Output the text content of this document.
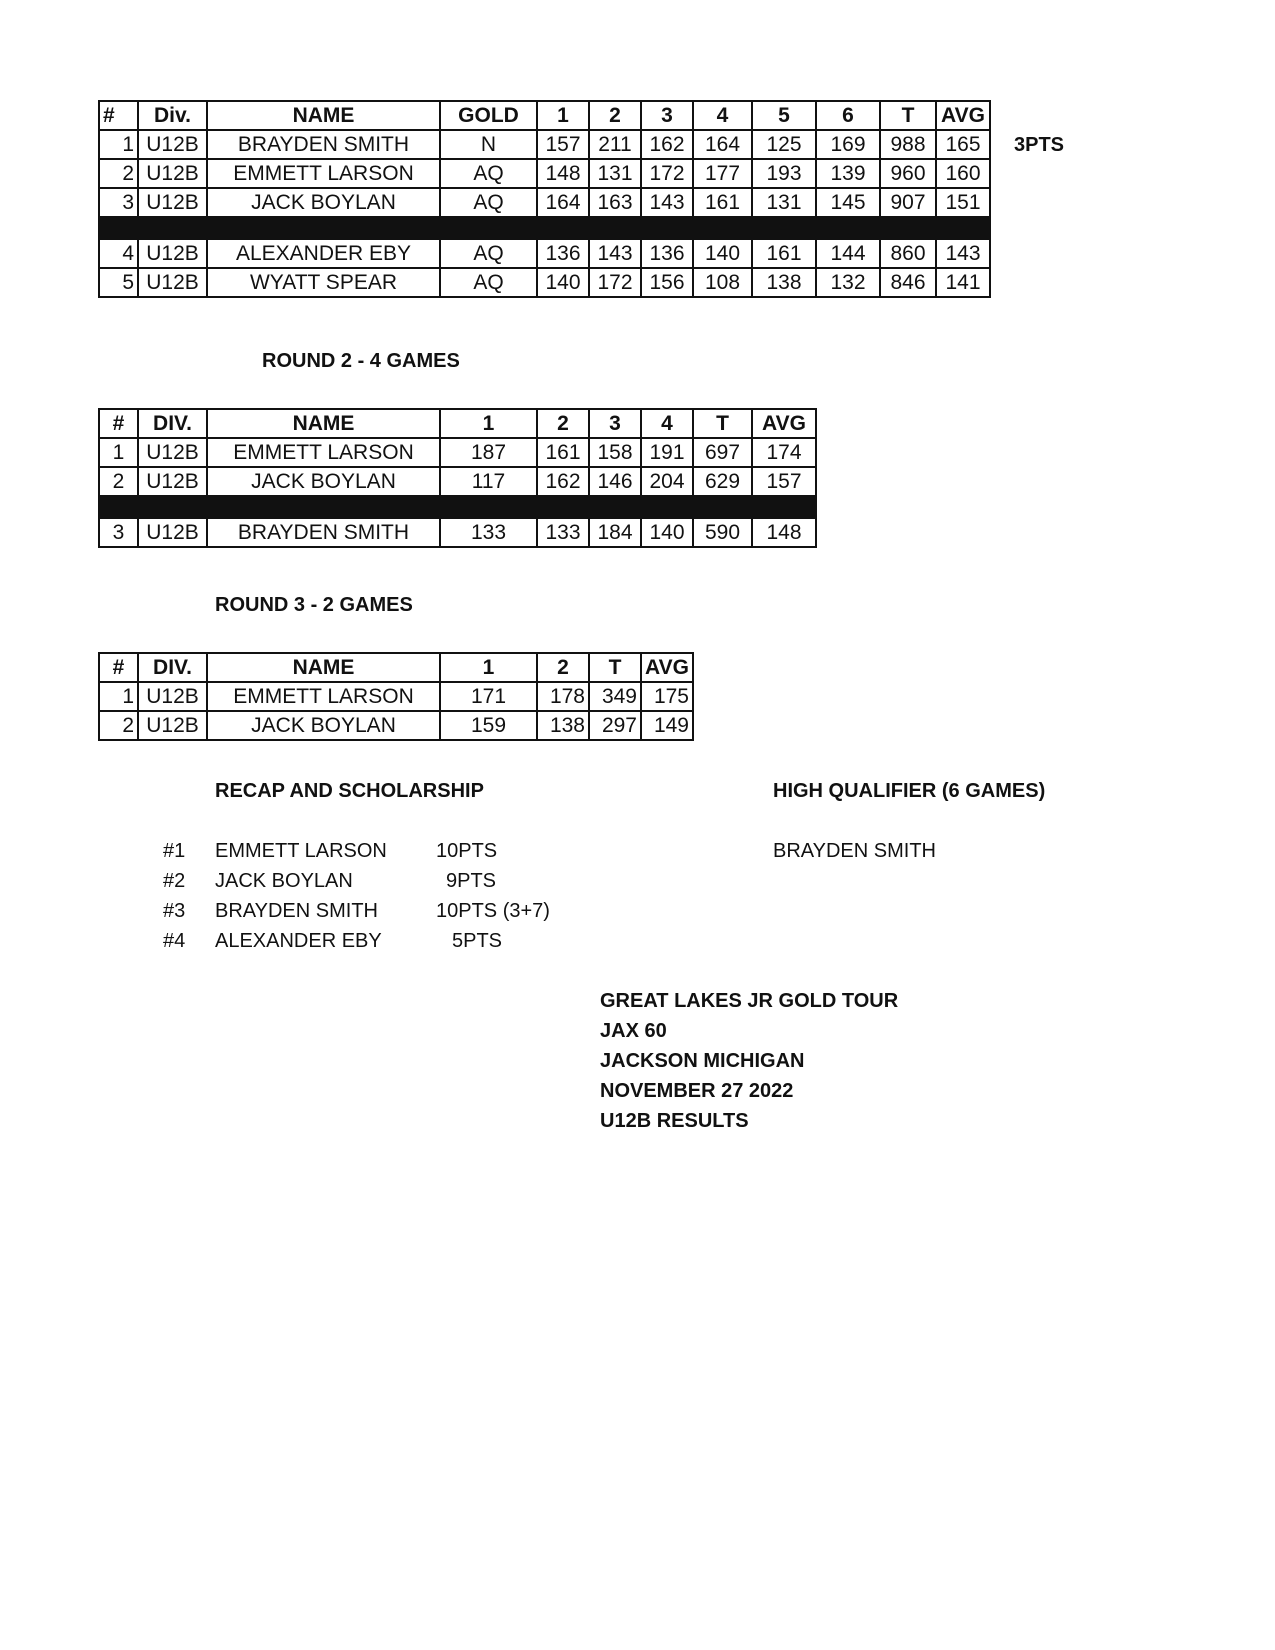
#	Div.	NAME	GOLD	1	2	3	4	5	6	T	AVG
1	U12B	BRAYDEN SMITH	N	157	211	162	164	125	169	988	165
2	U12B	EMMETT LARSON	AQ	148	131	172	177	193	139	960	160
3	U12B	JACK BOYLAN	AQ	164	163	143	161	131	145	907	151

4	U12B	ALEXANDER EBY	AQ	136	143	136	140	161	144	860	143
5	U12B	WYATT SPEAR	AQ	140	172	156	108	138	132	846	141
3PTS
ROUND 2 - 4 GAMES
#	DIV.	NAME	1	2	3	4	T	AVG
1	U12B	EMMETT LARSON	187	161	158	191	697	174
2	U12B	JACK BOYLAN	117	162	146	204	629	157

3	U12B	BRAYDEN SMITH	133	133	184	140	590	148
ROUND 3 - 2 GAMES
#	DIV.	NAME	1	2	T	AVG
1	U12B	EMMETT LARSON	171	178	349	175
2	U12B	JACK BOYLAN	159	138	297	149
RECAP AND SCHOLARSHIP
#1 EMMETT LARSON 10PTS
#2 JACK BOYLAN	9PTS
#3 BRAYDEN SMITH	10PTS (3+7)
#4 ALEXANDER EBY	5PTS
HIGH QUALIFIER (6 GAMES)
BRAYDEN SMITH
GREAT LAKES JR GOLD TOUR
JAX 60
JACKSON MICHIGAN
NOVEMBER 27 2022
U12B RESULTS
